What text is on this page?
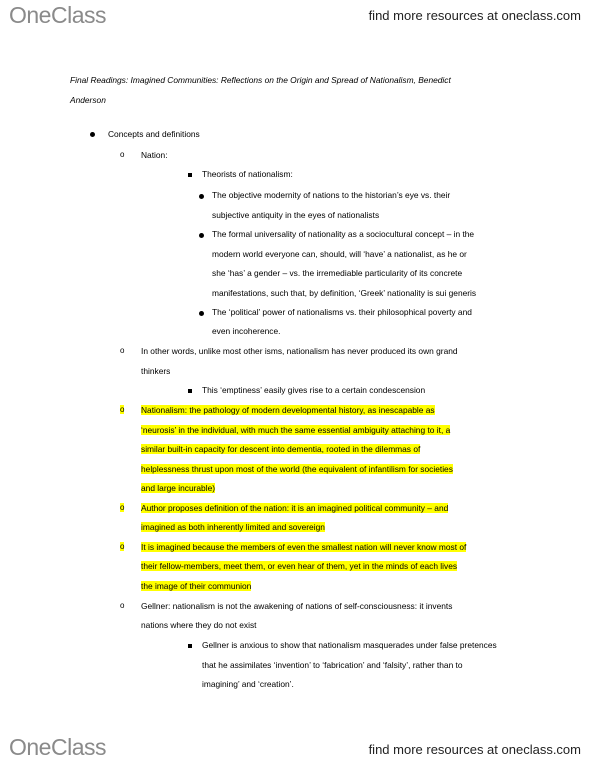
OneClass	find more resources at oneclass.com
Final Readings: Imagined Communities: Reflections on the Origin and Spread of Nationalism, Benedict
Anderson
Concepts and definitions
o Nation:
Theorists of nationalism:
The objective modernity of nations to the historian’s eye vs. their
subjective antiquity in the eyes of nationalists
The formal universality of nationality as a sociocultural concept – in the
modern world everyone can, should, will ‘have’ a nationalist, as he or
she ‘has’ a gender – vs. the irremediable particularity of its concrete
manifestations, such that, by definition, ‘Greek’ nationality is sui generis
The ‘political’ power of nationalisms vs. their philosophical poverty and
even incoherence.
o In other words, unlike most other isms, nationalism has never produced its own grand
thinkers
This ‘emptiness’ easily gives rise to a certain condescension
o Nationalism: the pathology of modern developmental history, as inescapable as
‘neurosis’ in the individual, with much the same essential ambiguity attaching to it, a
similar built-in capacity for descent into dementia, rooted in the dilemmas of
helplessness thrust upon most of the world (the equivalent of infantilism for societies
and large incurable)
o Author proposes definition of the nation: it is an imagined political community – and
imagined as both inherently limited and sovereign
o It is imagined because the members of even the smallest nation will never know most of
their fellow-members, meet them, or even hear of them, yet in the minds of each lives
the image of their communion
o Gellner: nationalism is not the awakening of nations of self-consciousness: it invents
nations where they do not exist
Gellner is anxious to show that nationalism masquerades under false pretences
that he assimilates ‘invention’ to ‘fabrication’ and ‘falsity’, rather than to
imagining’ and ‘creation’.
OneClass	find more resources at oneclass.com
